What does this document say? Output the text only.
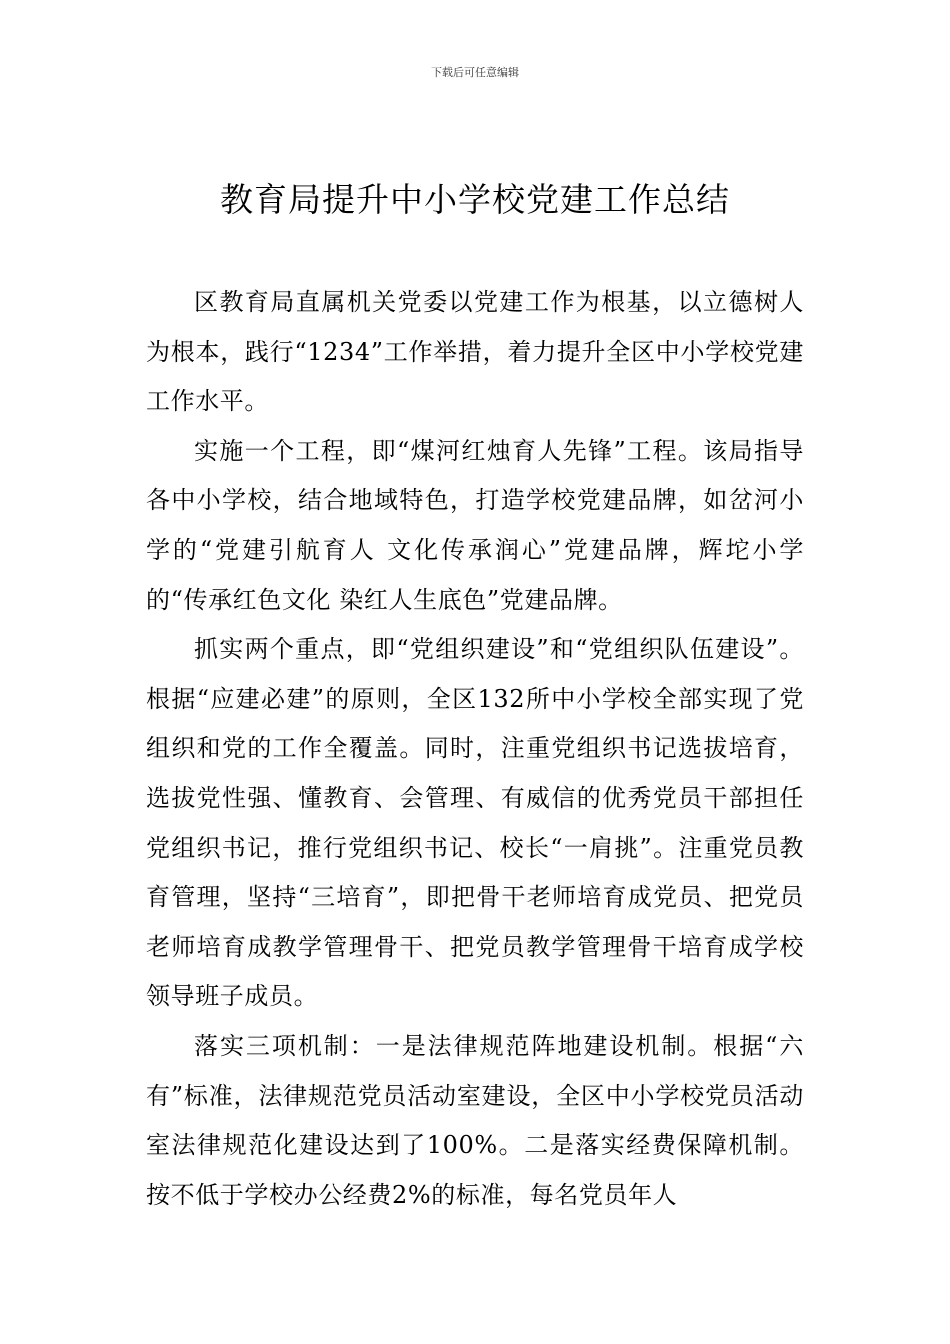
下载后可任意编辑
教育局提升中小学校党建工作总结

区教育局直属机关党委以党建工作为根基，以立德树人为根本，践行“1234”工作举措，着力提升全区中小学校党建工作水平。

实施一个工程，即“煤河红烛育人先锋”工程。该局指导各中小学校，结合地域特色，打造学校党建品牌，如岔河小学的“党建引航育人 文化传承润心”党建品牌，辉坨小学的“传承红色文化 染红人生底色”党建品牌。

抓实两个重点，即“党组织建设”和“党组织队伍建设”。根据“应建必建”的原则，全区132所中小学校全部实现了党组织和党的工作全覆盖。同时，注重党组织书记选拔培育，选拔党性强、懂教育、会管理、有威信的优秀党员干部担任党组织书记，推行党组织书记、校长“一肩挑”。注重党员教育管理，坚持“三培育”，即把骨干老师培育成党员、把党员老师培育成教学管理骨干、把党员教学管理骨干培育成学校领导班子成员。

落实三项机制：一是法律规范阵地建设机制。根据“六有”标准，法律规范党员活动室建设，全区中小学校党员活动室法律规范化建设达到了100%。二是落实经费保障机制。按不低于学校办公经费2%的标准，每名党员年人
